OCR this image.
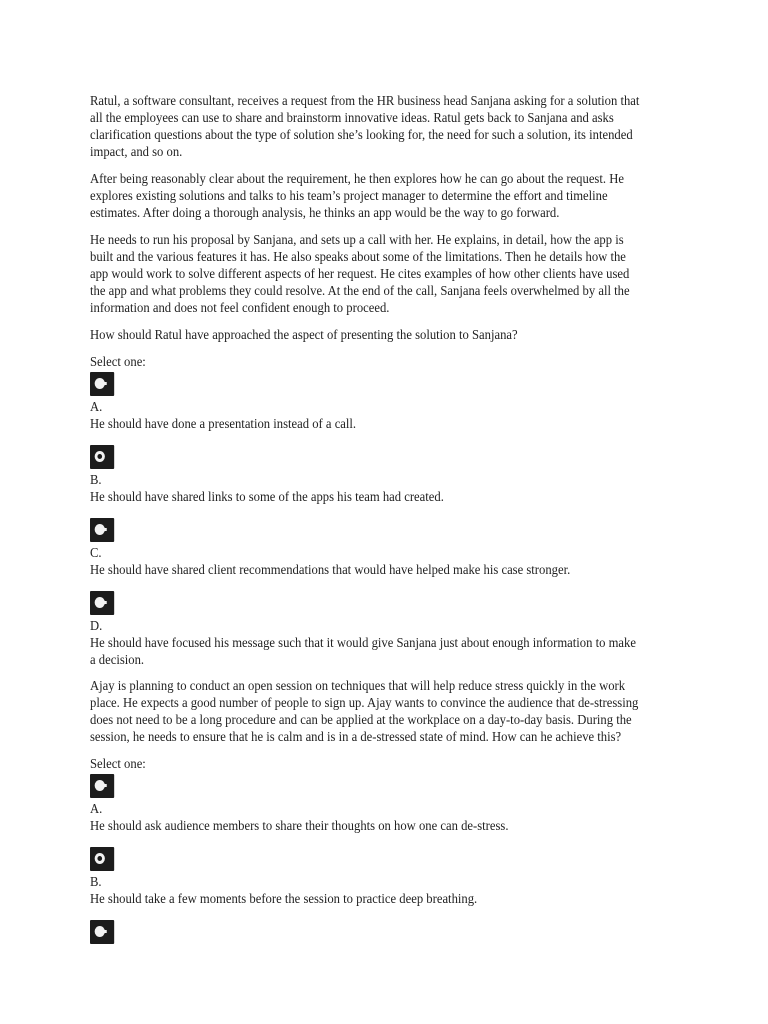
Ratul, a software consultant, receives a request from the HR business head Sanjana asking for a solution that all the employees can use to share and brainstorm innovative ideas. Ratul gets back to Sanjana and asks clarification questions about the type of solution she’s looking for, the need for such a solution, its intended impact, and so on.

After being reasonably clear about the requirement, he then explores how he can go about the request. He explores existing solutions and talks to his team’s project manager to determine the effort and timeline estimates. After doing a thorough analysis, he thinks an app would be the way to go forward.

He needs to run his proposal by Sanjana, and sets up a call with her. He explains, in detail, how the app is built and the various features it has. He also speaks about some of the limitations. Then he details how the app would work to solve different aspects of her request. He cites examples of how other clients have used the app and what problems they could resolve. At the end of the call, Sanjana feels overwhelmed by all the information and does not feel confident enough to proceed.

How should Ratul have approached the aspect of presenting the solution to Sanjana?

Select one:
A.
He should have done a presentation instead of a call.
B.
He should have shared links to some of the apps his team had created.
C.
He should have shared client recommendations that would have helped make his case stronger.
D.
He should have focused his message such that it would give Sanjana just about enough information to make a decision.

Ajay is planning to conduct an open session on techniques that will help reduce stress quickly in the work place. He expects a good number of people to sign up. Ajay wants to convince the audience that de-stressing does not need to be a long procedure and can be applied at the workplace on a day-to-day basis. During the session, he needs to ensure that he is calm and is in a de-stressed state of mind. How can he achieve this?

Select one:
A.
He should ask audience members to share their thoughts on how one can de-stress.
B.
He should take a few moments before the session to practice deep breathing.
